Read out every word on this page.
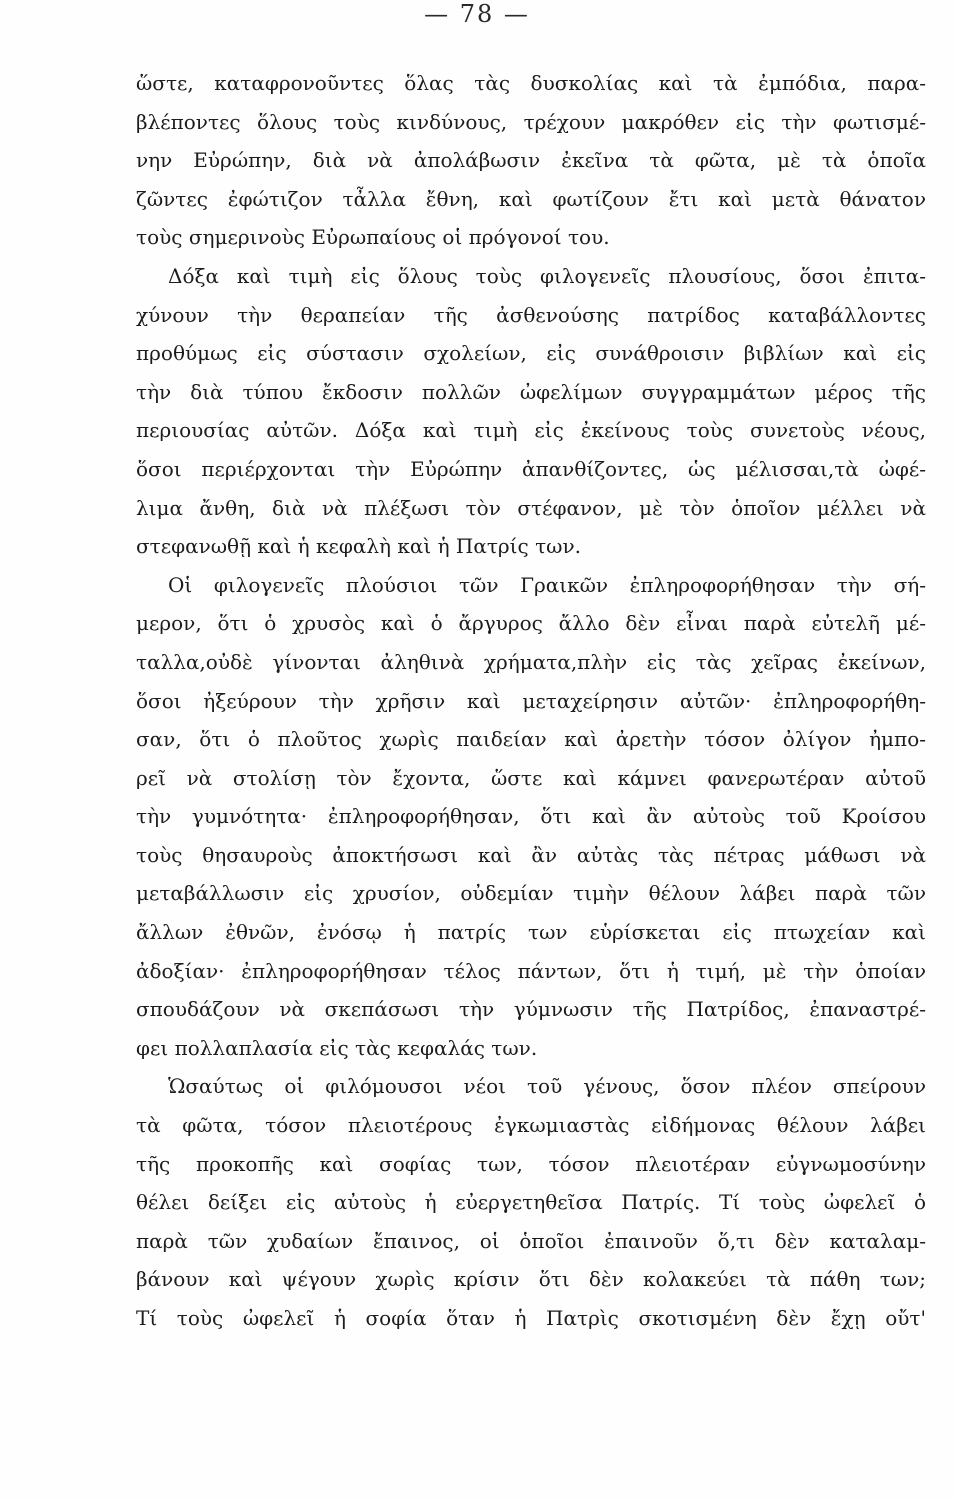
— 78 —
ὥστε, καταφρονοῦντες ὅλας τὰς δυσκολίας καὶ τὰ ἐμπόδια, παρα-
βλέποντες ὅλους τοὺς κινδύνους, τρέχουν μακρόθεν εἰς τὴν φωτισμέ-
νην Εὐρώπην, διὰ νὰ ἀπολάβωσιν ἐκεῖνα τὰ φῶτα, μὲ τὰ ὁποῖα
ζῶντες ἐφώτιζον τἆλλα ἔθνη, καὶ φωτίζουν ἔτι καὶ μετὰ θάνατον
τοὺς σημερινοὺς Εὐρωπαίους οἱ πρόγονοί του.
Δόξα καὶ τιμὴ εἰς ὅλους τοὺς φιλογενεῖς πλουσίους, ὅσοι ἐπιτα-
χύνουν τὴν θεραπείαν τῆς ἀσθενούσης πατρίδος καταβάλλοντες
προθύμως εἰς σύστασιν σχολείων, εἰς συνάθροισιν βιβλίων καὶ εἰς
τὴν διὰ τύπου ἔκδοσιν πολλῶν ὠφελίμων συγγραμμάτων μέρος τῆς
περιουσίας αὐτῶν. Δόξα καὶ τιμὴ εἰς ἐκείνους τοὺς συνετοὺς νέους,
ὅσοι περιέρχονται τὴν Εὐρώπην ἀπανθίζοντες, ὡς μέλισσαι,τὰ ὠφέ-
λιμα ἄνθη, διὰ νὰ πλέξωσι τὸν στέφανον, μὲ τὸν ὁποῖον μέλλει νὰ
στεφανωθῇ καὶ ἡ κεφαλὴ καὶ ἡ Πατρίς των.
Οἱ φιλογενεῖς πλούσιοι τῶν Γραικῶν ἐπληροφορήθησαν τὴν σή-
μερον, ὅτι ὁ χρυσὸς καὶ ὁ ἄργυρος ἄλλο δὲν εἶναι παρὰ εὐτελῆ μέ-
ταλλα,οὐδὲ γίνονται ἀληθινὰ χρήματα,πλὴν εἰς τὰς χεῖρας ἐκείνων,
ὅσοι ἠξεύρουν τὴν χρῆσιν καὶ μεταχείρησιν αὐτῶν· ἐπληροφορήθη-
σαν, ὅτι ὁ πλοῦτος χωρὶς παιδείαν καὶ ἀρετὴν τόσον ὀλίγον ἠμπο-
ρεῖ νὰ στολίσῃ τὸν ἔχοντα, ὥστε καὶ κάμνει φανερωτέραν αὐτοῦ
τὴν γυμνότητα· ἐπληροφορήθησαν, ὅτι καὶ ἂν αὐτοὺς τοῦ Κροίσου
τοὺς θησαυροὺς ἀποκτήσωσι καὶ ἂν αὐτὰς τὰς πέτρας μάθωσι νὰ
μεταβάλλωσιν εἰς χρυσίον, οὐδεμίαν τιμὴν θέλουν λάβει παρὰ τῶν
ἄλλων ἐθνῶν, ἐνόσῳ ἡ πατρίς των εὑρίσκεται εἰς πτωχείαν καὶ
ἀδοξίαν· ἐπληροφορήθησαν τέλος πάντων, ὅτι ἡ τιμή, μὲ τὴν ὁποίαν
σπουδάζουν νὰ σκεπάσωσι τὴν γύμνωσιν τῆς Πατρίδος, ἐπαναστρέ-
φει πολλαπλασία εἰς τὰς κεφαλάς των.
Ὡσαύτως οἱ φιλόμουσοι νέοι τοῦ γένους, ὅσον πλέον σπείρουν
τὰ φῶτα, τόσον πλειοτέρους ἐγκωμιαστὰς εἰδήμονας θέλουν λάβει
τῆς προκοπῆς καὶ σοφίας των, τόσον πλειοτέραν εὐγνωμοσύνην
θέλει δείξει εἰς αὐτοὺς ἡ εὐεργετηθεῖσα Πατρίς. Τί τοὺς ὠφελεῖ ὁ
παρὰ τῶν χυδαίων ἔπαινος, οἱ ὁποῖοι ἐπαινοῦν ὅ,τι δὲν καταλαμ-
βάνουν καὶ ψέγουν χωρὶς κρίσιν ὅτι δὲν κολακεύει τὰ πάθη των;
Τί τοὺς ὠφελεῖ ἡ σοφία ὅταν ἡ Πατρὶς σκοτισμένη δὲν ἔχῃ οὔτ'
